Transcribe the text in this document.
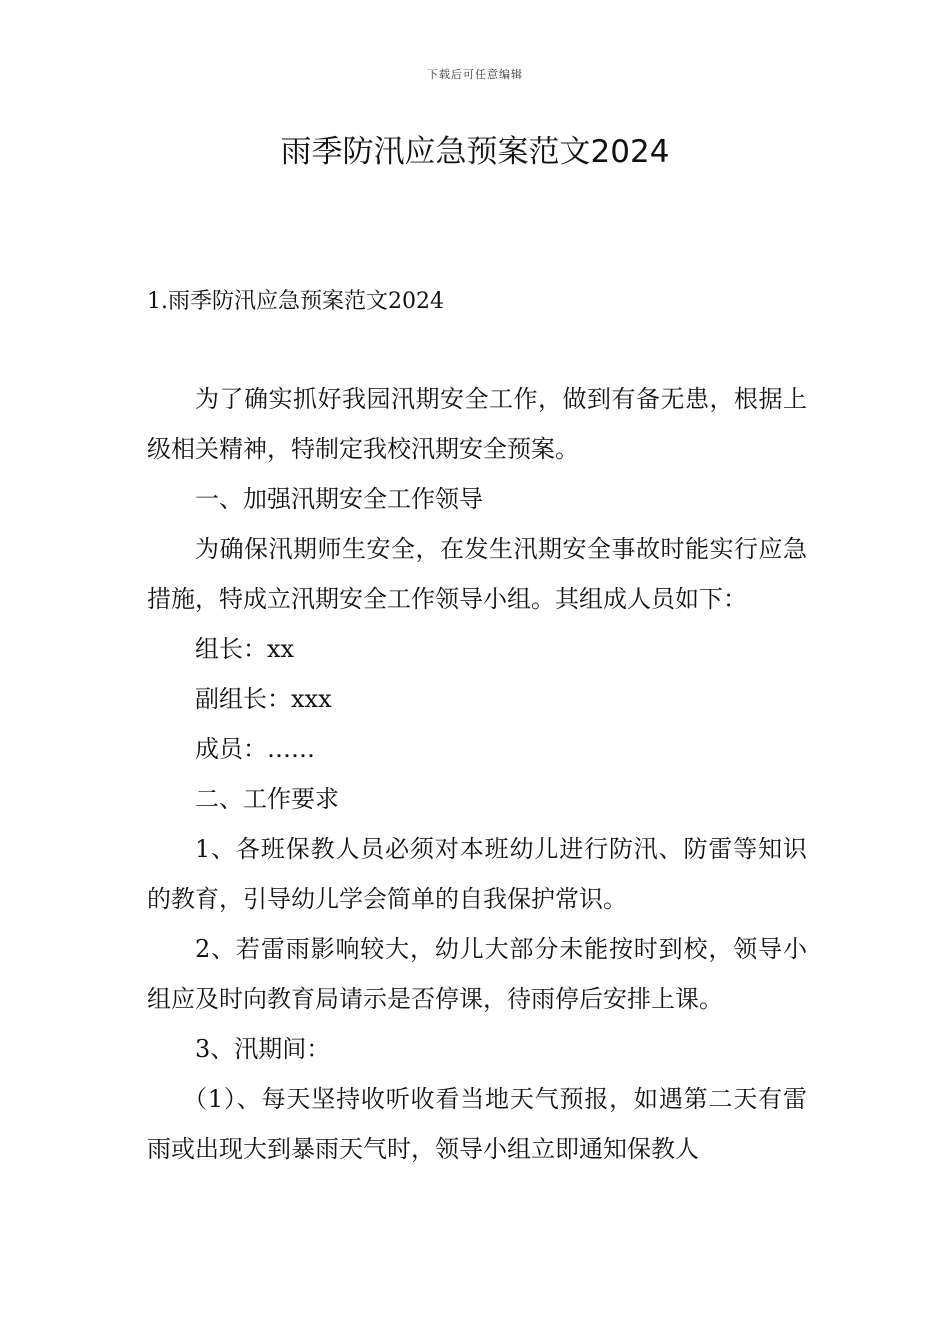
下载后可任意编辑
雨季防汛应急预案范文2024
1.雨季防汛应急预案范文2024

为了确实抓好我园汛期安全工作，做到有备无患，根据上级相关精神，特制定我校汛期安全预案。

一、加强汛期安全工作领导

为确保汛期师生安全，在发生汛期安全事故时能实行应急措施，特成立汛期安全工作领导小组。其组成人员如下：

组长：xx

副组长：xxx

成员：……

二、工作要求

1、各班保教人员必须对本班幼儿进行防汛、防雷等知识的教育，引导幼儿学会简单的自我保护常识。

2、若雷雨影响较大，幼儿大部分未能按时到校，领导小组应及时向教育局请示是否停课，待雨停后安排上课。

3、汛期间：

（1）、每天坚持收听收看当地天气预报，如遇第二天有雷雨或出现大到暴雨天气时，领导小组立即通知保教人
